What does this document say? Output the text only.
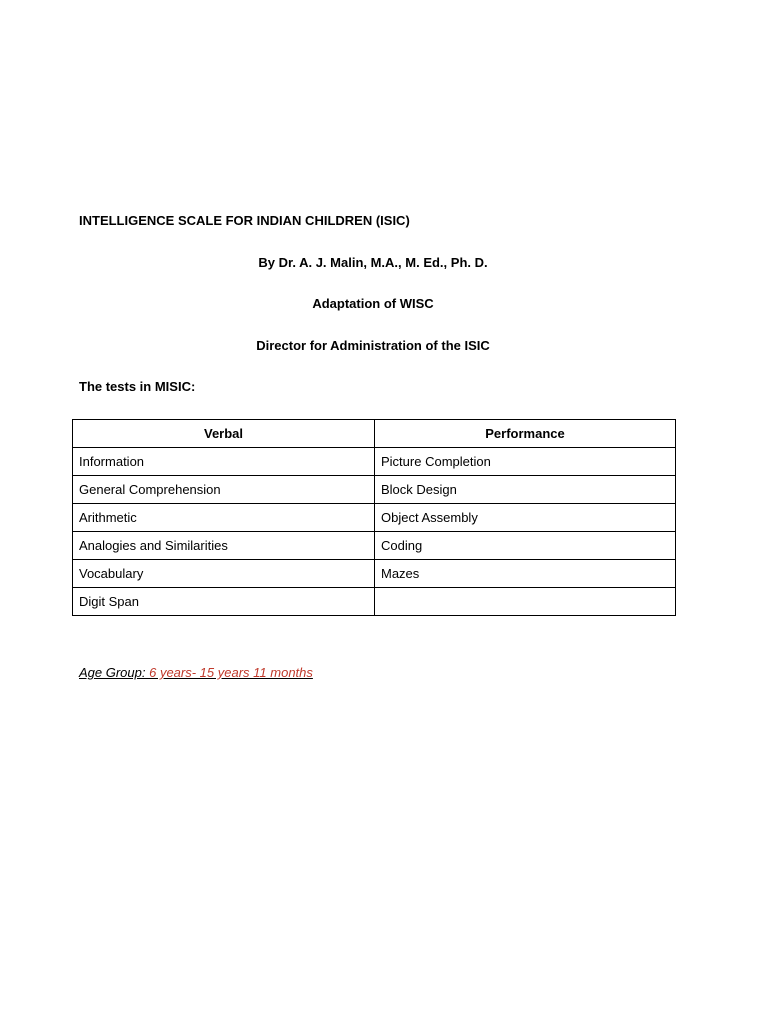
INTELLIGENCE SCALE FOR INDIAN CHILDREN (ISIC)

By Dr. A. J. Malin, M.A., M. Ed., Ph. D.

Adaptation of WISC

Director for Administration of the ISIC

The tests in MISIC:

Verbal	Performance
Information	Picture Completion
General Comprehension	Block Design
Arithmetic	Object Assembly
Analogies and Similarities	Coding
Vocabulary	Mazes
Digit Span	

Age Group: 6 years- 15 years 11 months
